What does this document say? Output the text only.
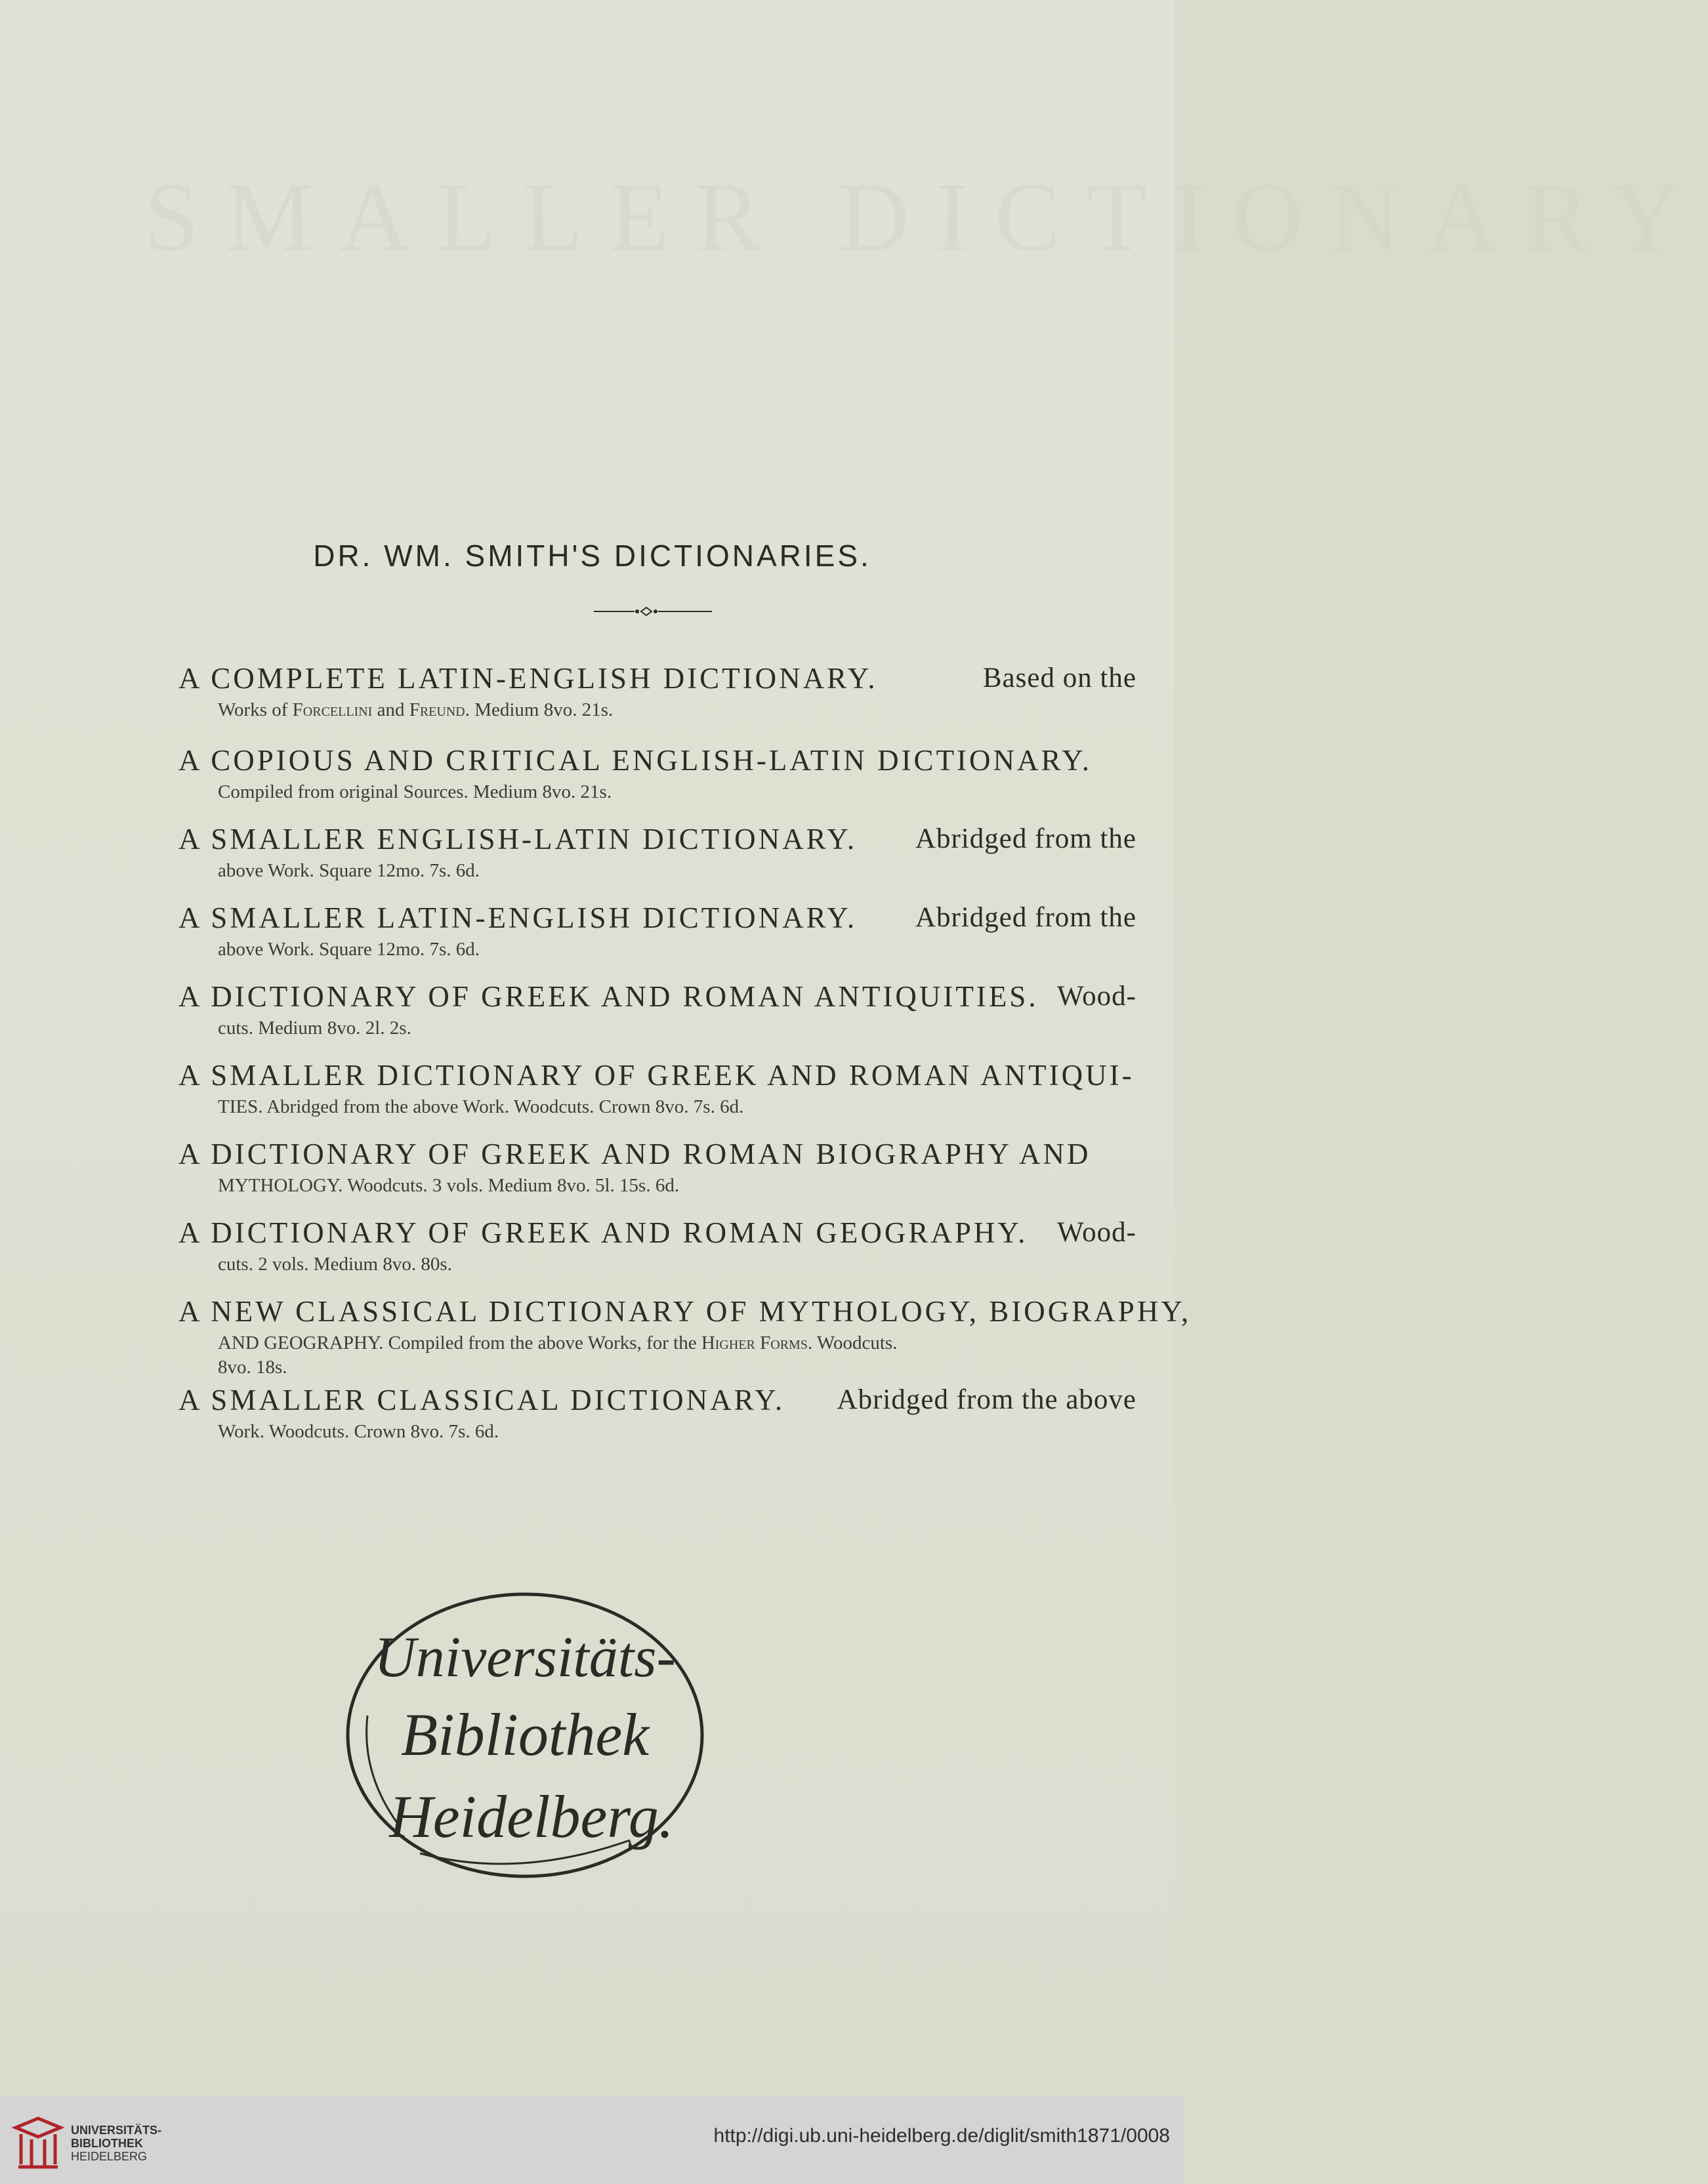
SMALLER DICTIONARY
DR. WM. SMITH'S DICTIONARIES.
A COMPLETE LATIN-ENGLISH DICTIONARY.	Based on the
Works of Forcellini and Freund. Medium 8vo. 21s.
A COPIOUS AND CRITICAL ENGLISH-LATIN DICTIONARY.
Compiled from original Sources. Medium 8vo. 21s.
A SMALLER ENGLISH-LATIN DICTIONARY. Abridged from the
above Work. Square 12mo. 7s. 6d.
A SMALLER LATIN-ENGLISH DICTIONARY. Abridged from the
above Work. Square 12mo. 7s. 6d.
A DICTIONARY OF GREEK AND ROMAN ANTIQUITIES. Wood-
cuts. Medium 8vo. 2l. 2s.
A SMALLER DICTIONARY OF GREEK AND ROMAN ANTIQUI-
TIES. Abridged from the above Work. Woodcuts. Crown 8vo. 7s. 6d.
A DICTIONARY OF GREEK AND ROMAN BIOGRAPHY AND
MYTHOLOGY. Woodcuts. 3 vols. Medium 8vo. 5l. 15s. 6d.
A DICTIONARY OF GREEK AND ROMAN GEOGRAPHY. Wood-
cuts. 2 vols. Medium 8vo. 80s.
A NEW CLASSICAL DICTIONARY OF MYTHOLOGY, BIOGRAPHY,
AND GEOGRAPHY. Compiled from the above Works, for the Higher Forms. Woodcuts.
8vo. 18s.
A SMALLER CLASSICAL DICTIONARY. Abridged from the above
Work. Woodcuts. Crown 8vo. 7s. 6d.
Universitäts-
Bibliothek
Heidelberg.
UNIVERSITÄTS-
BIBLIOTHEK
HEIDELBERG
http://digi.ub.uni-heidelberg.de/diglit/smith1871/0008
